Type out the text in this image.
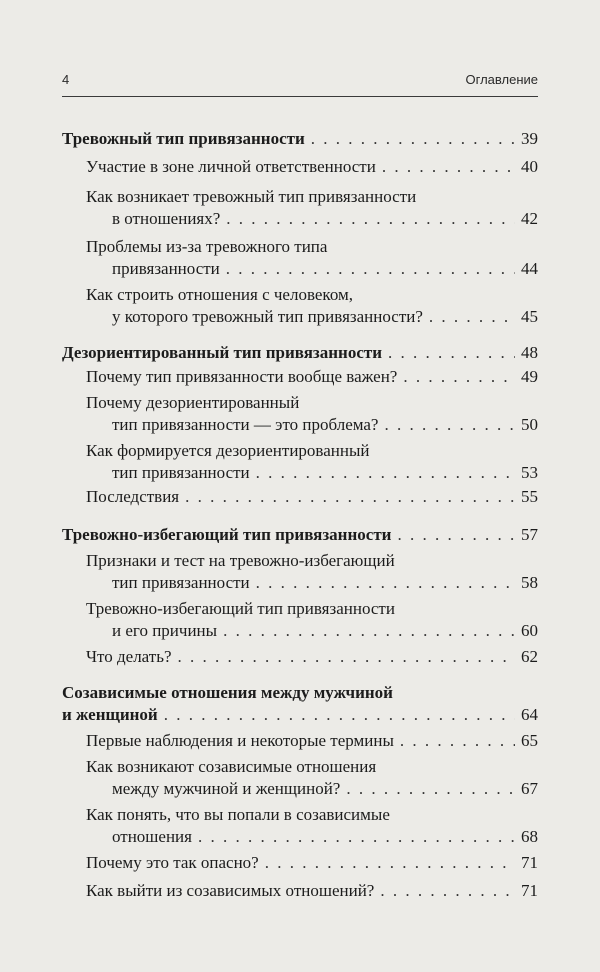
4	Оглавление
Тревожный тип привязанности . . .	39
Участие в зоне личной ответственности . . .	40
Как возникает тревожный тип привязанности
в отношениях? . . .	42
Проблемы из-за тревожного типа
привязанности . . .	44
Как строить отношения с человеком,
у которого тревожный тип привязанности? . . .	45
Дезориентированный тип привязанности . . .	48
Почему тип привязанности вообще важен? . . .	49
Почему дезориентированный
тип привязанности — это проблема? . . .	50
Как формируется дезориентированный
тип привязанности . . .	53
Последствия . . .	55
Тревожно-избегающий тип привязанности . . .	57
Признаки и тест на тревожно-избегающий
тип привязанности . . .	58
Тревожно-избегающий тип привязанности
и его причины . . .	60
Что делать? . . .	62
Созависимые отношения между мужчиной
и женщиной . . .	64
Первые наблюдения и некоторые термины . . .	65
Как возникают созависимые отношения
между мужчиной и женщиной? . . .	67
Как понять, что вы попали в созависимые
отношения . . .	68
Почему это так опасно? . . .	71
Как выйти из созависимых отношений? . . .	71
